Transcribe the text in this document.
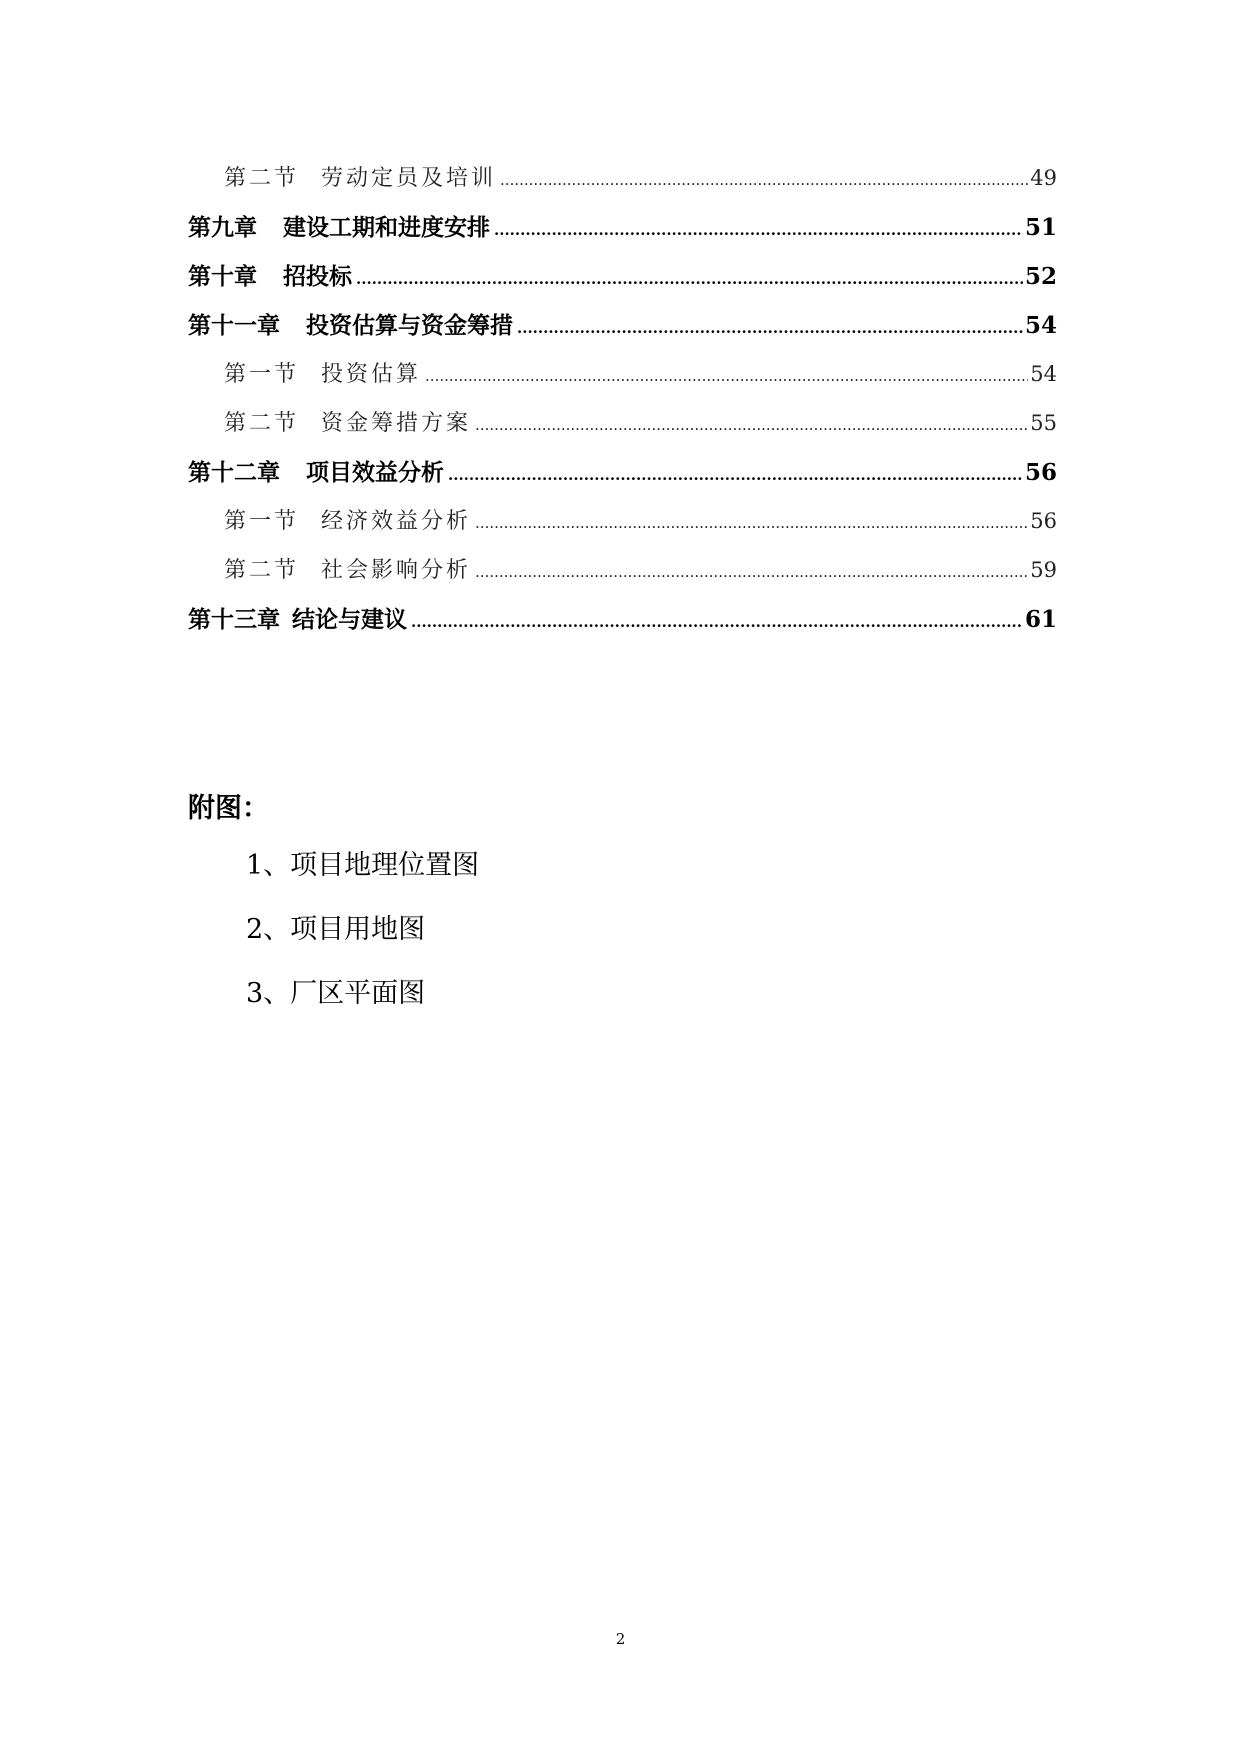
第二节 劳动定员及培训 .....	49
第九章 建设工期和进度安排 .....	51
第十章 招投标 .....	52
第十一章 投资估算与资金筹措 .....	54
第一节 投资估算 .....	54
第二节 资金筹措方案 .....	55
第十二章 项目效益分析 .....	56
第一节 经济效益分析 .....	56
第二节 社会影响分析 .....	59
第十三章 结论与建议 .....	61
附图：
1、项目地理位置图
2、项目用地图
3、厂区平面图
2
